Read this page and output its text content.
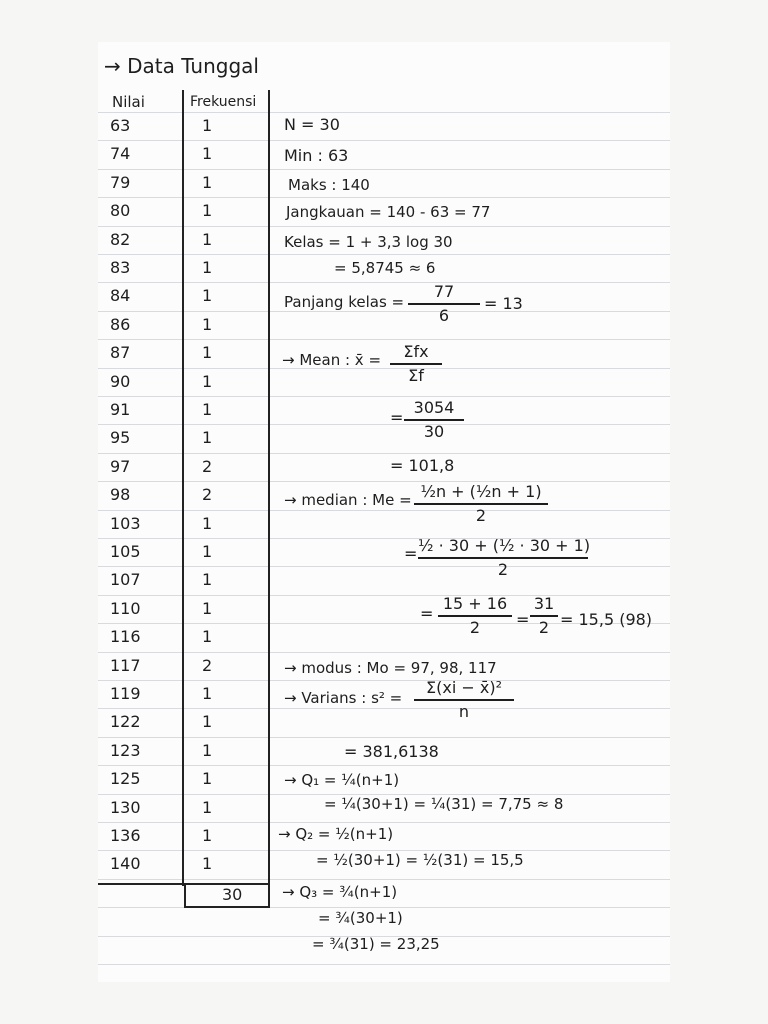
→ Data Tunggal
Nilai	Frekuensi
63	1
74	1
79	1
80	1
82	1
83	1
84	1
86	1
87	1
90	1
91	1
95	1
97	2
98	2
103	1
105	1
107	1
110	1
116	1
117	2
119	1
122	1
123	1
125	1
130	1
136	1
140	1
30
N = 30
Min : 63
Maks : 140
Jangkauan = 140 - 63 = 77
Kelas = 1 + 3,3 log 30
= 5,8745 ≈ 6
Panjang kelas =
77
6
= 13
→ Mean : x̄ =	Σfx
Σf
=
3054
30
= 101,8
→ median : Me = ½n + (½n + 1)
2
= ½ · 30 + (½ · 30 + 1)
2
=
15 + 16
2	=
31
2 = 15,5 (98)
→ modus : Mo = 97, 98, 117
→ Varians : s² =
Σ(xi − x̄)²
n
= 381,6138
→ Q₁ = ¼(n+1)
= ¼(30+1) = ¼(31) = 7,75 ≈ 8
→ Q₂ = ½(n+1)
= ½(30+1) = ½(31) = 15,5
→ Q₃ = ¾(n+1)
= ¾(30+1)
= ¾(31) = 23,25
